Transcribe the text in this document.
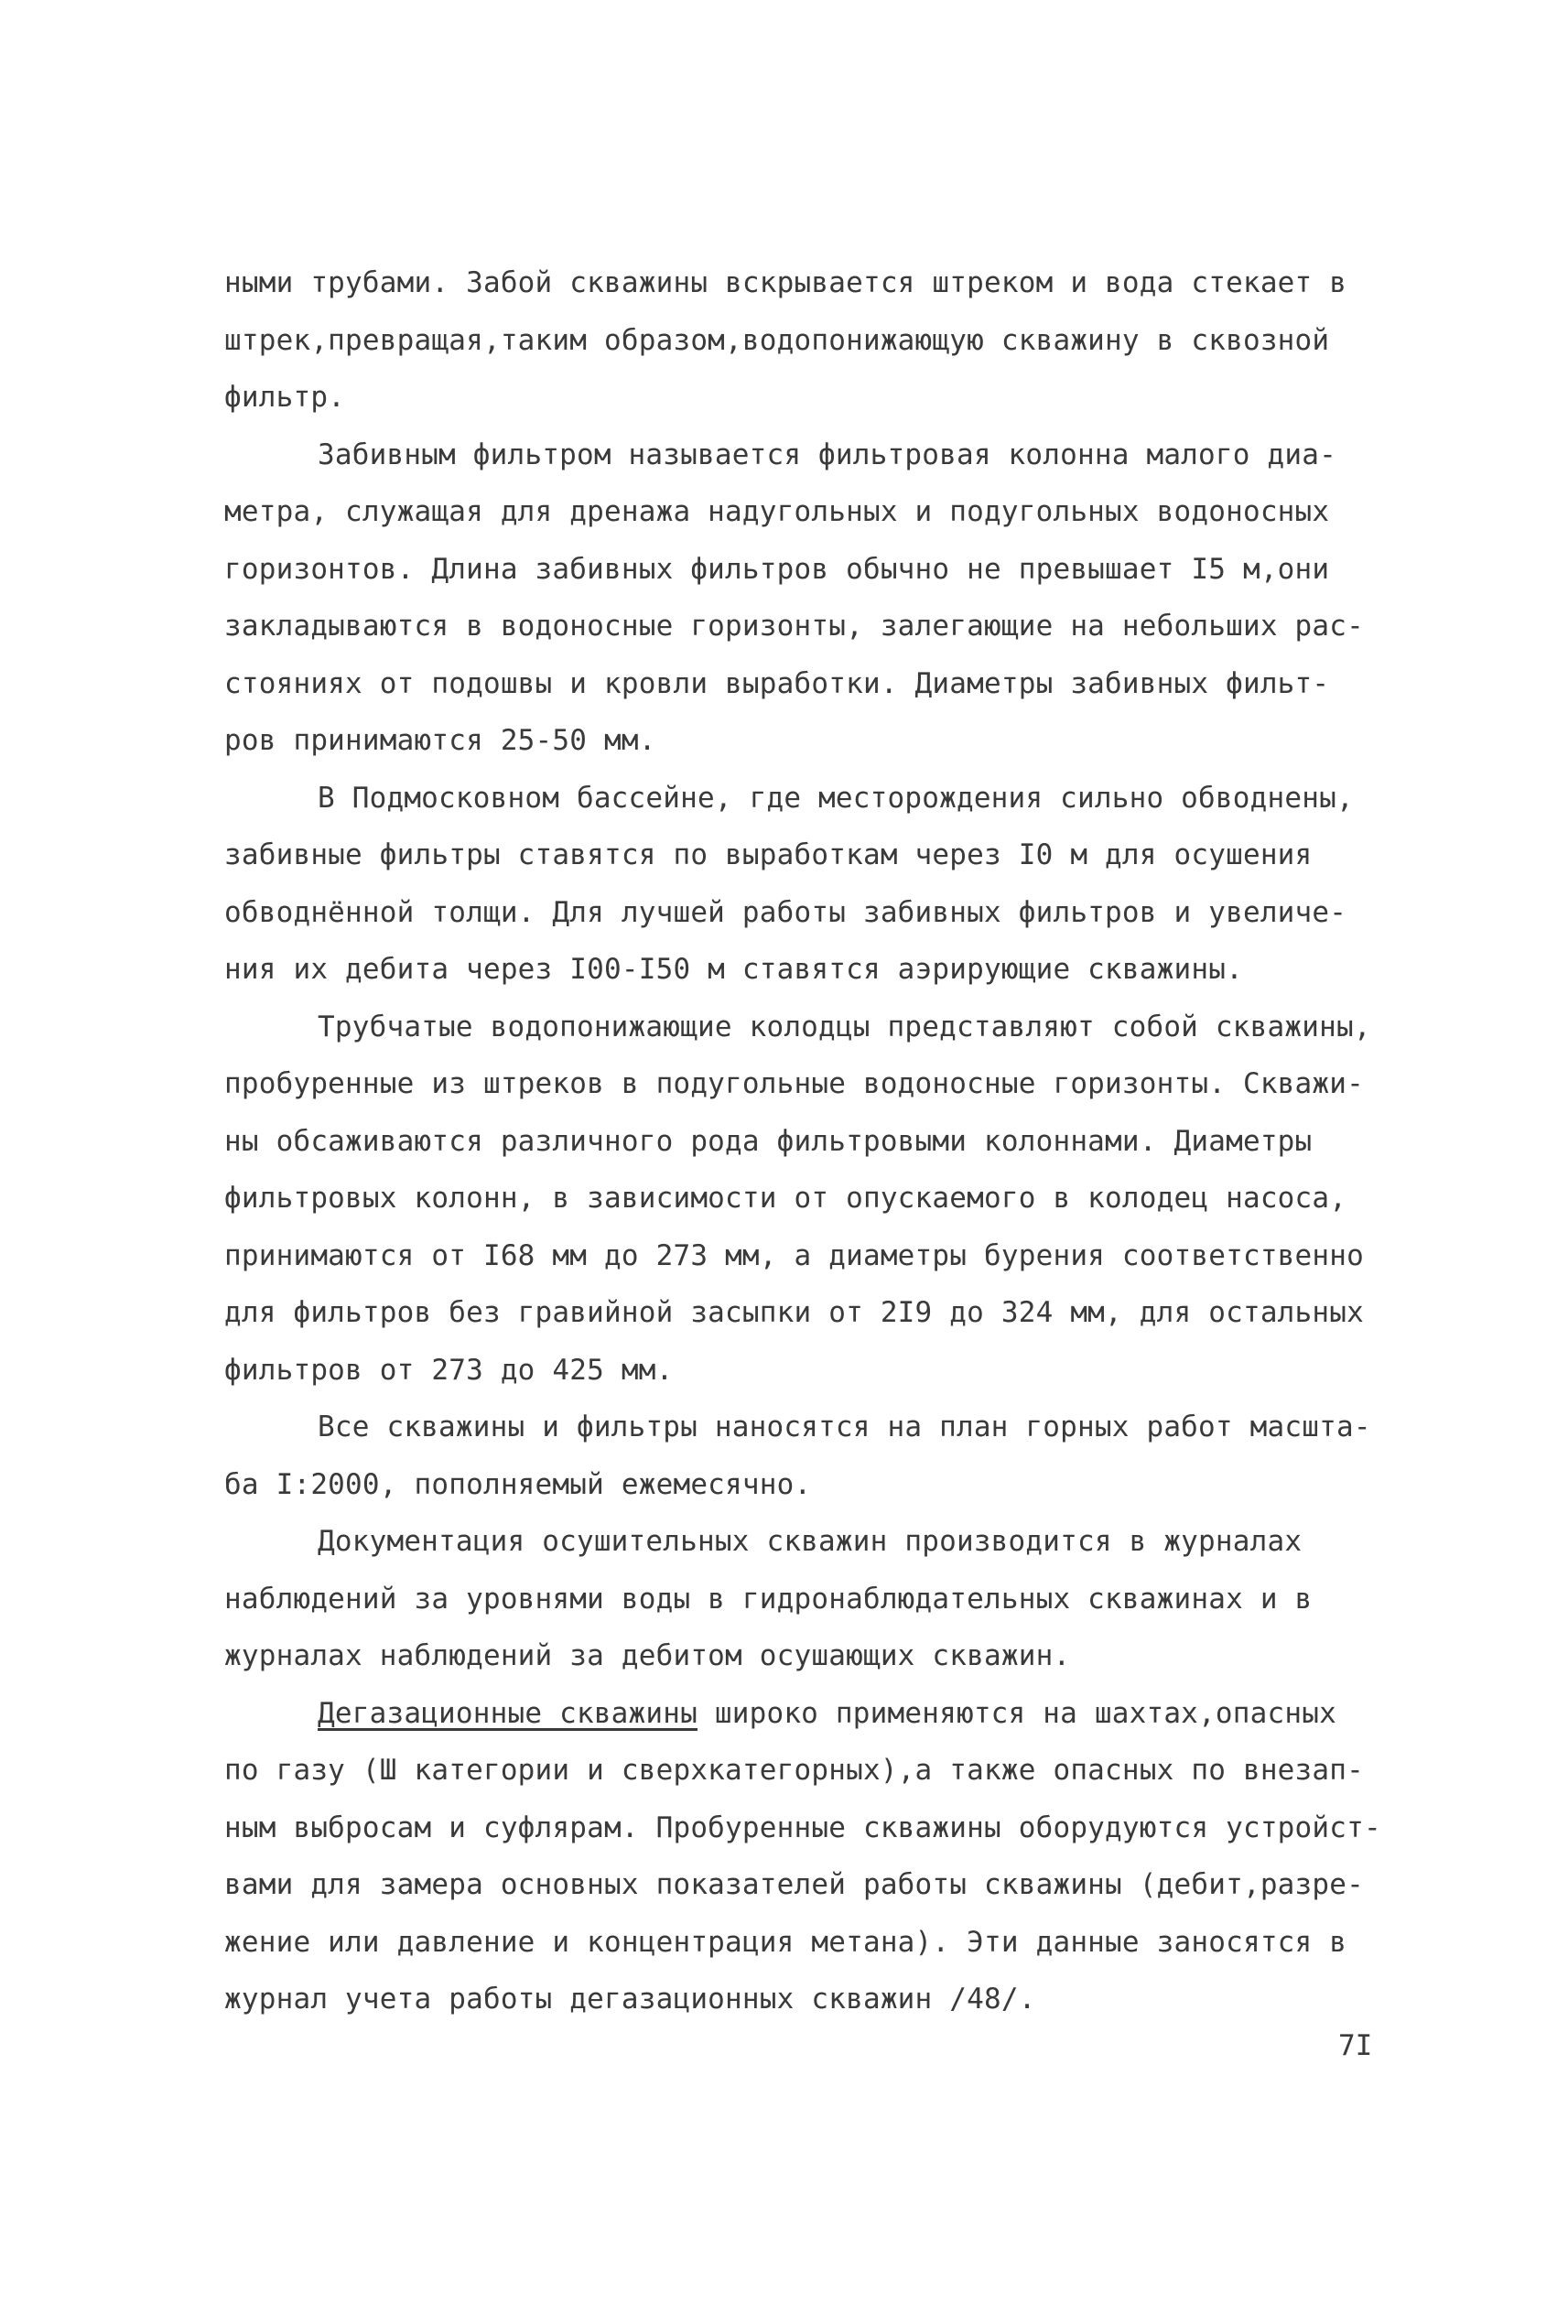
ными трубами. Забой скважины вскрывается штреком и вода стекает в
штрек,превращая,таким образом,водопонижающую скважину в сквозной
фильтр.
Забивным фильтром называется фильтровая колонна малого диа-
метра, служащая для дренажа надугольных и подугольных водоносных
горизонтов. Длина забивных фильтров обычно не превышает I5 м,они
закладываются в водоносные горизонты, залегающие на небольших рас-
стояниях от подошвы и кровли выработки. Диаметры забивных фильт-
ров принимаются 25-50 мм.
В Подмосковном бассейне, где месторождения сильно обводнены,
забивные фильтры ставятся по выработкам через I0 м для осушения
обводнённой толщи. Для лучшей работы забивных фильтров и увеличе-
ния их дебита через I00-I50 м ставятся аэрирующие скважины.
Трубчатые водопонижающие колодцы представляют собой скважины,
пробуренные из штреков в подугольные водоносные горизонты. Скважи-
ны обсаживаются различного рода фильтровыми колоннами. Диаметры
фильтровых колонн, в зависимости от опускаемого в колодец насоса,
принимаются от I68 мм до 273 мм, а диаметры бурения соответственно
для фильтров без гравийной засыпки от 2I9 до 324 мм, для остальных
фильтров от 273 до 425 мм.
Все скважины и фильтры наносятся на план горных работ масшта-
ба I:2000, пополняемый ежемесячно.
Документация осушительных скважин производится в журналах
наблюдений за уровнями воды в гидронаблюдательных скважинах и в
журналах наблюдений за дебитом осушающих скважин.
Дегазационные скважины широко применяются на шахтах,опасных
по газу (Ш категории и сверхкатегорных),а также опасных по внезап-
ным выбросам и суфлярам. Пробуренные скважины оборудуются устройст-
вами для замера основных показателей работы скважины (дебит,разре-
жение или давление и концентрация метана). Эти данные заносятся в
журнал учета работы дегазационных скважин /48/.
7I
